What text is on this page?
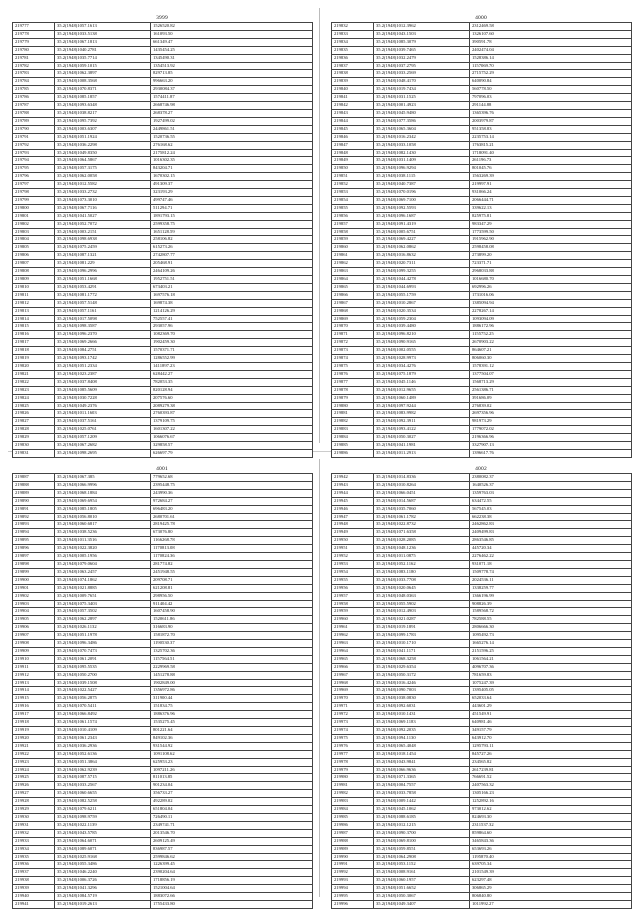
3999
219777	35.2(1948)1057.1613	1526520.82
219778	35.2(1948)1033.5138	161093.50
219779	35.2(1948)1067.1813	661349.47
219780	35.2(1948)1040.2781	1435454.25
219781	35.2(1948)1035.7714	1345490.31
219782	35.2(1948)1059.1015	1354513.92
219783	35.2(1948)1062.3897	829713.85
219784	35.2(1948)1008.3568	996663.20
219785	35.2(1948)1070.8371	2930084.37
219786	35.2(1948)1085.1857	1574411.87
219787	35.2(1948)1093.6348	2668746.98
219788	35.2(1948)1038.8217	268378.27
219789	35.2(1948)1095.7392	1927499.02
219790	35.2(1948)1003.6307	2449861.51
219791	35.2(1948)1051.1924	1520736.55
219792	35.2(1948)1036.2298	276168.62
219793	35.2(1948)1049.8350	2175812.24
219794	35.2(1948)1064.5867	1016302.35
219795	35.2(1948)1057.3175	843204.71
219796	35.2(1948)1062.0058	1670302.15
219797	35.2(1948)1012.5582	491309.37
219798	35.2(1948)1033.2732	323193.29
219799	35.2(1948)1073.3010	499747.46
219800	35.2(1948)1067.7116	511294.71
219801	35.2(1948)1041.5027	1891793.15
219802	35.2(1948)1052.7072	2599358.75
219803	35.2(1948)1003.2151	1651128.59
219804	35.2(1948)1098.6938	258106.82
219805	35.2(1948)1075.2459	615273.26
219806	35.2(1948)1087.1321	2742807.77
219807	35.2(1948)1081.229	205468.91
219808	35.2(1948)1096.2996	2464109.26
219809	35.2(1948)1051.1668	1952751.51
219810	35.2(1948)1053.4291	673403.21
219811	35.2(1948)1081.1772	1697576.18
219812	35.2(1948)1057.5148	169874.38
219813	35.2(1948)1057.1161	1214126.29
219814	35.2(1948)1017.5098	752557.41
219815	35.2(1948)1098.3587	293057.96
219816	35.2(1948)1096.2370	1082369.70
219817	35.2(1948)1069.2666	1902459.30
219818	35.2(1948)1084.2751	1570371.71
219819	35.2(1948)1093.1742	1286552.99
219820	35.2(1948)1051.2334	1411897.23
219821	35.2(1948)1023.2387	628442.27
219822	35.2(1948)1037.8408	782053.35
219823	35.2(1948)1085.5609	820128.94
219824	35.2(1948)1030.7228	207576.60
219825	35.2(1948)1049.2376	2089279.38
219826	35.2(1948)1011.1603	2760393.87
219827	35.2(1948)1037.5161	1379109.75
219828	35.2(1948)1025.0761	1601307.22
219829	35.2(1948)1057.1209	1066076.67
219830	35.2(1948)1067.2682	329858.57
219831	35.2(1948)1098.2695	626697.79
4000
219832	35.2(1948)1012.3962	2312469.58
219833	35.2(1948)1043.1503	1326107.60
219834	35.2(1948)1085.3079	390591.78
219835	35.2(1948)1039.7465	2402474.04
219836	35.2(1948)1032.2479	1528386.14
219837	35.2(1948)1037.2795	1157069.70
219838	35.2(1948)1033.2569	2715752.29
219839	35.2(1948)1048.4170	640090.84
219840	35.2(1948)1019.7434	560778.50
219841	35.2(1948)1031.1525	797096.03
219842	35.2(1948)1001.4923	291144.88
219843	35.2(1948)1045.9480	1365396.76
219844	35.2(1948)1077.3586	2003979.87
219845	35.2(1948)1065.3604	951358.83
219846	35.2(1948)1016.2342	2235753.14
219847	35.2(1948)1033.1058	1763815.21
219848	35.2(1948)1082.1430	1718091.40
219849	35.2(1948)1031.1409	261196.73
219850	35.2(1948)1096.9294	801045.76
219851	35.2(1948)1038.1115	1563269.39
219852	35.2(1948)1040.7387	219997.91
219853	35.2(1948)1070.0196	931066.24
219854	35.2(1948)1069.7100	2066444.71
219855	35.2(1948)1092.5593	339622.13
219856	35.2(1948)1096.1687	825975.81
219857	35.2(1948)1091.4319	983347.29
219858	35.2(1948)1005.6751	1773599.50
219859	35.2(1948)1069.4227	1915962.90
219860	35.2(1948)1062.0862	2598458.08
219861	35.2(1948)1016.8632	273899.20
219862	35.2(1948)1020.7311	723371.71
219863	35.2(1948)1099.3255	2968033.88
219864	35.2(1948)1044.4278	1016680.70
219865	35.2(1948)1044.6993	692996.26
219866	35.2(1948)1055.1759	1731016.06
219867	35.2(1948)1010.2867	1385094.94
219868	35.2(1948)1020.3534	2278267.14
219869	35.2(1948)1059.2304	1093094.09
219870	35.2(1948)1039.4480	1886172.96
219871	35.2(1948)1096.8210	1155752.25
219872	35.2(1948)1090.9165	2670903.22
219873	35.2(1948)1002.0555	864607.21
219874	35.2(1948)1028.9973	806060.30
219875	35.2(1948)1034.4276	1578391.12
219876	35.2(1948)1075.1879	1377504.07
219877	35.2(1948)1045.1146	1568713.29
219878	35.2(1948)1012.9655	2561386.71
219879	35.2(1948)1060.1489	391686.09
219880	35.2(1948)1097.9244	276839.02
219881	35.2(1948)1083.9982	2697356.96
219882	35.2(1948)1092.3911	981973.29
219883	35.2(1948)1093.4122	1779072.02
219884	35.2(1948)1050.3027	2196366.96
219885	35.2(1948)1041.1981	3327907.13
219886	35.2(1948)1011.2913	1396617.76
4001
219887	35.2(1948)1067.385	779652.68
219888	35.2(1948)1066.9996	2395448.75
219889	35.2(1948)1068.1884	243990.36
219890	35.2(1948)1069.6954	972684.27
219891	35.2(1948)1085.1805	696483.20
219892	35.2(1948)1056.8010	2680701.61
219893	35.2(1948)1060.6817	2819425.78
219894	35.2(1948)1038.5236	673076.80
219895	35.2(1948)1011.3516	1166268.78
219896	35.2(1948)1022.3820	1170813.08
219897	35.2(1948)1005.1956	1170824.36
219898	35.2(1948)1079.0604	281774.82
219899	35.2(1948)1063.2457	2451948.55
219900	35.2(1948)1074.1862	209708.71
219901	35.2(1948)1021.8885	621208.81
219902	35.2(1948)1009.7651	298956.50
219903	35.2(1948)1075.3403	911404.42
219904	35.2(1948)1057.3502	1607458.90
219905	35.2(1948)1062.2897	1520611.86
219906	35.2(1948)1026.1132	316683.90
219907	35.2(1948)1051.1978	1581872.70
219908	35.2(1948)1096.3486	1190530.37
219909	35.2(1948)1070.7473	1325702.36
219910	35.2(1948)1061.2091	1157564.51
219911	35.2(1948)1095.5535	2229969.58
219912	35.2(1948)1050.2700	1451278.88
219913	35.2(1948)1039.1508	1902849.00
219914	35.2(1948)1022.5427	1356972.86
219915	35.2(1948)1056.2875	311900.44
219916	35.2(1948)1070.5411	151834.75
219917	35.2(1948)1066.8492	1886376.96
219918	35.2(1948)1061.1574	1535275.45
219919	35.2(1948)1010.4109	801221.64
219920	35.2(1948)1061.2343	849102.36
219921	35.2(1948)1036.2936	931544.92
219922	35.2(1948)1052.6136	1091108.62
219923	35.2(1948)1051.3864	625953.23
219924	35.2(1948)1062.9239	1097211.26
219925	35.2(1948)1087.5715	811013.85
219926	35.2(1948)1033.2567	901234.04
219927	35.2(1948)1060.6655	356733.27
219928	35.2(1948)1082.5258	492289.02
219929	35.2(1948)1079.6211	651804.04
219930	35.2(1948)1098.9759	726490.11
219931	35.2(1948)1022.1139	2349741.71
219932	35.2(1948)1043.5785	2013546.70
219933	35.2(1948)1064.6071	2609125.49
219934	35.2(1948)1089.6071	836987.57
219935	35.2(1948)1025.9168	2599846.62
219936	35.2(1948)1055.3486	1226399.45
219937	35.2(1948)1046.2240	2390204.64
219938	35.2(1948)1006.3726	1718856.19
219939	35.2(1948)1041.3296	1521004.64
219940	35.2(1948)1084.5719	1883072.66
219941	35.2(1948)1019.2613	1755433.80
4002
219942	35.2(1948)1014.8336	2380082.37
219943	35.2(1948)1010.8264	1640526.37
219944	35.2(1948)1066.0451	1359763.03
219945	35.2(1948)1014.5687	634472.55
219946	35.2(1948)1035.7060	567545.03
219947	35.2(1948)1061.1782	662238.38
219948	35.2(1948)1022.8732	2462862.83
219949	35.2(1948)1071.6358	2409499.83
219950	35.2(1948)1028.2085	2863546.85
219951	35.2(1948)1048.1236	445720.34
219952	35.2(1948)1011.0875	2276462.22
219953	35.2(1948)1052.1162	931071.18
219954	35.2(1948)1083.1180	1509778.74
219955	35.2(1948)1033.7708	2024536.11
219956	35.2(1948)1020.0645	1338259.77
219957	35.2(1948)1048.0363	1366196.99
219958	35.2(1948)1055.5902	908826.39
219959	35.2(1948)1012.4903	1589568.72
219960	35.2(1948)1021.0287	782588.55
219961	35.2(1948)1019.1891	2806666.30
219962	35.2(1948)1099.1783	1095492.73
219963	35.2(1948)1010.1710	1665276.14
219964	35.2(1948)1041.1171	2151596.25
219965	35.2(1948)1068.3258	1061564.21
219966	35.2(1948)1029.6354	4096707.36
219967	35.2(1948)1050.3172	781659.83
219968	35.2(1948)1016.4246	1075247.39
219969	35.2(1948)1090.7003	1395405.05
219970	35.2(1948)1038.0830	652033.64
219971	35.2(1948)1092.6031	443601.29
219972	35.2(1948)1010.1431	451549.91
219973	35.2(1948)1069.1183	640981.46
219974	35.2(1948)1092.2035	349157.79
219975	35.2(1948)1094.1130	643912.70
219976	35.2(1948)1065.4048	1295793.11
219977	35.2(1948)1018.1454	845727.26
219978	35.2(1948)1043.9841	234565.82
219979	35.2(1948)1066.9636	2617239.81
219980	35.2(1948)1071.3365	766691.52
219981	35.2(1948)1004.7557	2407563.32
219982	35.2(1948)1033.7858	1305166.23
219983	35.2(1948)1009.1442	1252892.16
219984	35.2(1948)1045.1062	973012.62
219985	35.2(1948)1088.6185	824693.30
219986	35.2(1948)1012.1215	2311537.32
219987	35.2(1948)1090.3700	859864.60
219988	35.2(1948)1069.8100	3465843.36
219989	35.2(1948)1059.8551	653693.26
219990	35.2(1948)1064.2908	1195870.40
219991	35.2(1948)1053.1152	639705.34
219992	35.2(1948)1008.9161	2101549.39
219993	35.2(1948)1060.1957	623297.48
219994	35.2(1948)1051.6652	306865.29
219995	35.2(1948)1050.3067	806840.80
219996	35.2(1948)1049.3407	1011992.27
